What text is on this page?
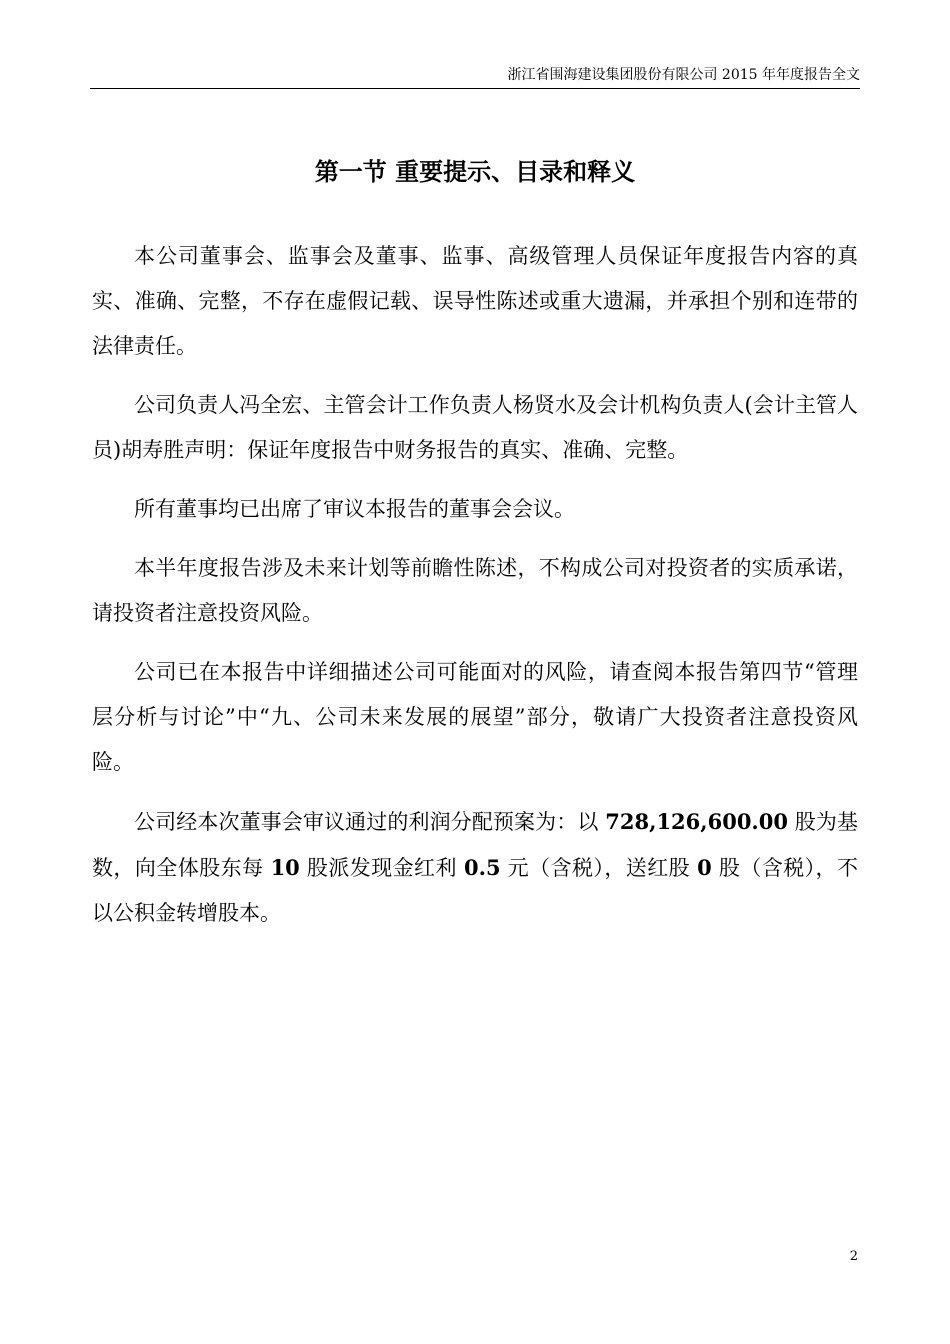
浙江省围海建设集团股份有限公司 2015 年年度报告全文
第一节 重要提示、目录和释义

本公司董事会、监事会及董事、监事、高级管理人员保证年度报告内容的真实、准确、完整，不存在虚假记载、误导性陈述或重大遗漏，并承担个别和连带的法律责任。

公司负责人冯全宏、主管会计工作负责人杨贤水及会计机构负责人(会计主管人员)胡寿胜声明：保证年度报告中财务报告的真实、准确、完整。

所有董事均已出席了审议本报告的董事会会议。

本半年度报告涉及未来计划等前瞻性陈述，不构成公司对投资者的实质承诺，请投资者注意投资风险。

公司已在本报告中详细描述公司可能面对的风险，请查阅本报告第四节“管理层分析与讨论”中“九、公司未来发展的展望”部分，敬请广大投资者注意投资风险。

公司经本次董事会审议通过的利润分配预案为：以 728,126,600.00 股为基数，向全体股东每 10 股派发现金红利 0.5 元（含税），送红股 0 股（含税），不以公积金转增股本。

2
